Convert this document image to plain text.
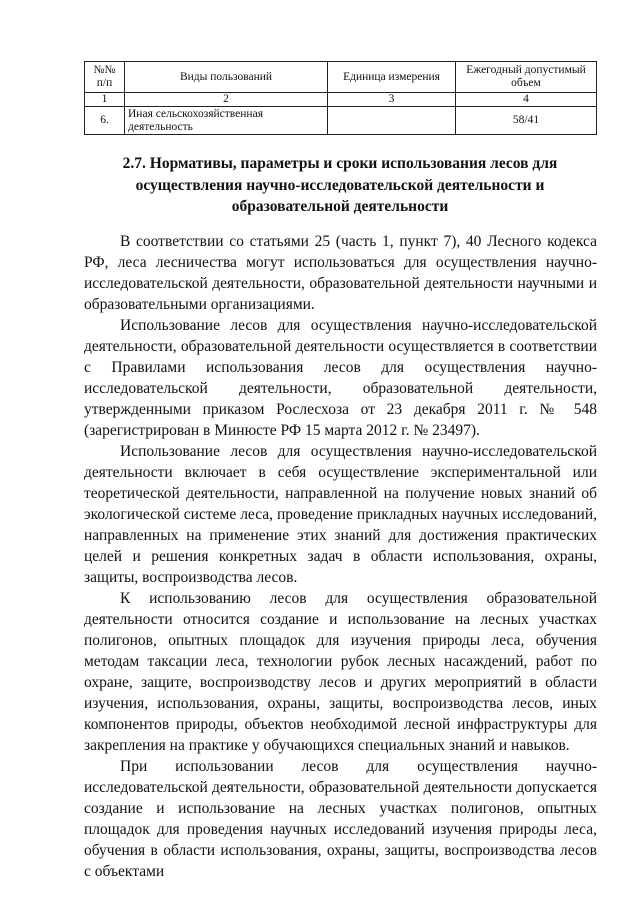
№№ п/п	Виды пользований	Единица измерения	Ежегодный допустимый объем
1	2	3	4
6.	Иная сельскохозяйственная деятельность		58/41
2.7. Нормативы, параметры и сроки использования лесов для
осуществления научно-исследовательской деятельности и
образовательной деятельности

В соответствии со статьями 25 (часть 1, пункт 7), 40 Лесного кодекса РФ, леса лесничества могут использоваться для осуществления научно-исследовательской деятельности, образовательной деятельности научными и образовательными организациями.

Использование лесов для осуществления научно-исследовательской деятельности, образовательной деятельности осуществляется в соответствии с Правилами использования лесов для осуществления научно-исследовательской деятельности, образовательной деятельности, утвержденными приказом Рослесхоза от 23 декабря 2011 г. № 548 (зарегистрирован в Минюсте РФ 15 марта 2012 г. № 23497).

Использование лесов для осуществления научно-исследовательской деятельности включает в себя осуществление экспериментальной или теоретической деятельности, направленной на получение новых знаний об экологической системе леса, проведение прикладных научных исследований, направленных на применение этих знаний для достижения практических целей и решения конкретных задач в области использования, охраны, защиты, воспроизводства лесов.

К использованию лесов для осуществления образовательной деятельности относится создание и использование на лесных участках полигонов, опытных площадок для изучения природы леса, обучения методам таксации леса, технологии рубок лесных насаждений, работ по охране, защите, воспроизводству лесов и других мероприятий в области изучения, использования, охраны, защиты, воспроизводства лесов, иных компонентов природы, объектов необходимой лесной инфраструктуры для закрепления на практике у обучающихся специальных знаний и навыков.

При использовании лесов для осуществления научно-исследовательской деятельности, образовательной деятельности допускается создание и использование на лесных участках полигонов, опытных площадок для проведения научных исследований изучения природы леса, обучения в области использования, охраны, защиты, воспроизводства лесов с объектами
